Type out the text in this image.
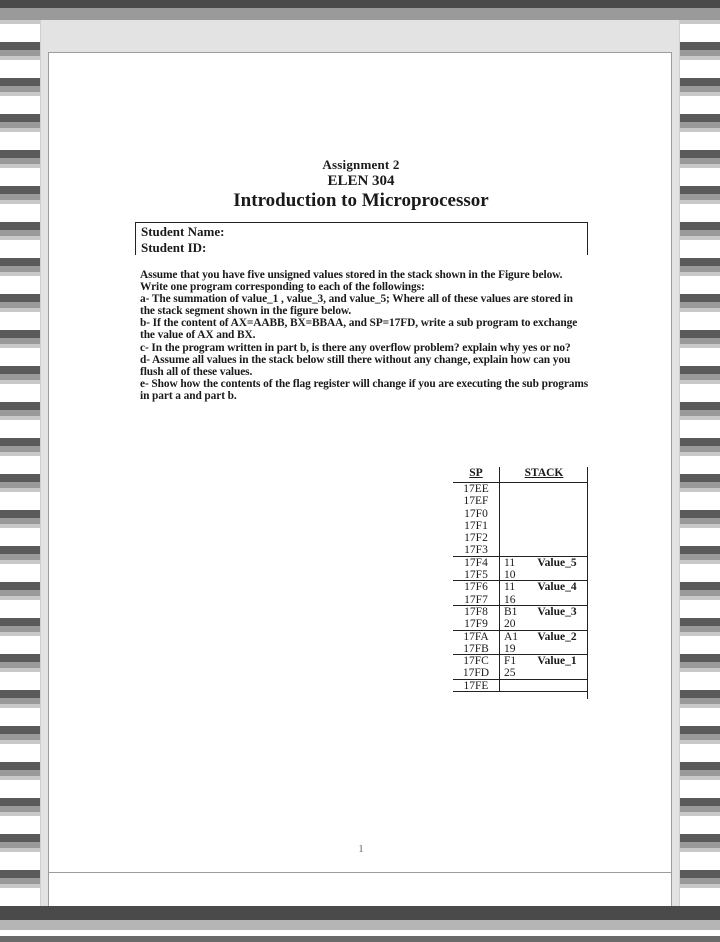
Assignment 2
ELEN 304
Introduction to Microprocessor
Student Name:
Student ID:

Assume that you have five unsigned values stored in the stack shown in the Figure below. Write one program corresponding to each of the followings:

a- The summation of value_1 , value_3, and value_5; Where all of these values are stored in the stack segment shown in the figure below.

b- If the content of AX=AABB, BX=BBAA, and SP=17FD, write a sub program to exchange the value of AX and BX.

c- In the program written in part b, is there any overflow problem? explain why yes or no?

d- Assume all values in the stack below still there without any change, explain how can you flush all of these values.

e- Show how the contents of the flag register will change if you are executing the sub programs in part a and part b.

SP	STACK
17EE
17EF
17F0
17F1
17F2
17F3
17F4	11	Value_5
17F5	10
17F6	11	Value_4
17F7	16
17F8	B1	Value_3
17F9	20
17FA	A1	Value_2
17FB	19
17FC	F1	Value_1
17FD	25
17FE
1
